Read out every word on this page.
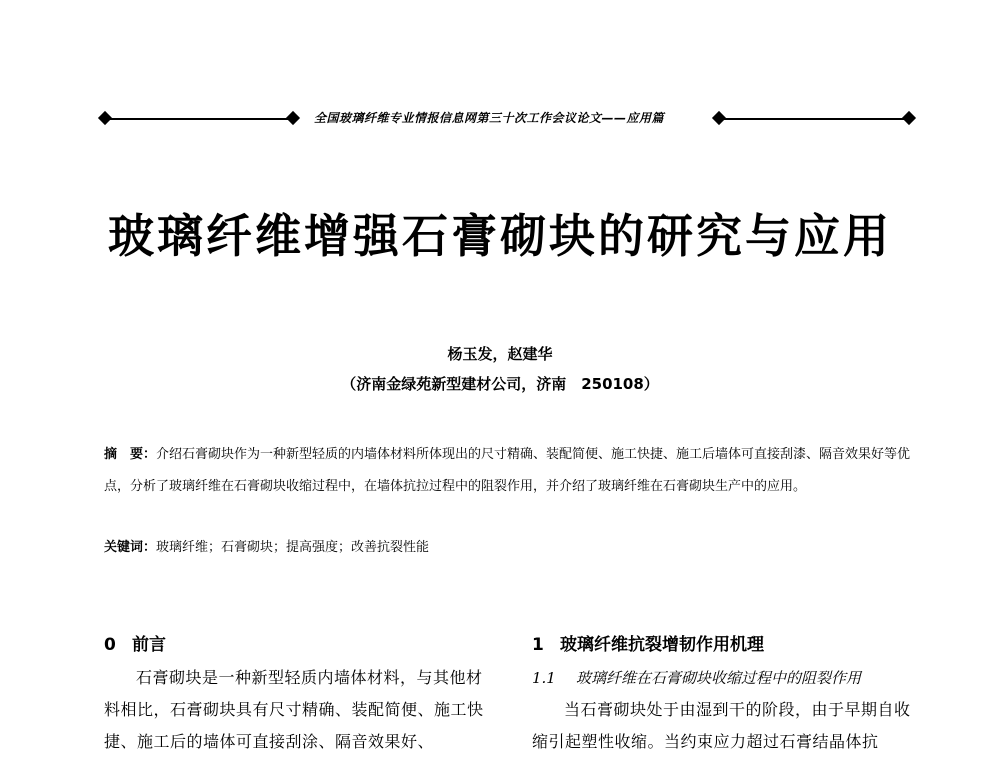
全国玻璃纤维专业情报信息网第三十次工作会议论文——应用篇
玻璃纤维增强石膏砌块的研究与应用
杨玉发，赵建华
（济南金绿苑新型建材公司，济南　250108）
摘　要：介绍石膏砌块作为一种新型轻质的内墙体材料所体现出的尺寸精确、装配简便、施工快捷、施工后墙体可直接刮漆、隔音效果好等优点，分析了玻璃纤维在石膏砌块收缩过程中，在墙体抗拉过程中的阻裂作用，并介绍了玻璃纤维在石膏砌块生产中的应用。
关键词：玻璃纤维；石膏砌块；提高强度；改善抗裂性能
0 前言

石膏砌块是一种新型轻质内墙体材料，与其他材料相比，石膏砌块具有尺寸精确、装配简便、施工快捷、施工后的墙体可直接刮涂、隔音效果好、

1 玻璃纤维抗裂增韧作用机理
1.1 玻璃纤维在石膏砌块收缩过程中的阻裂作用

当石膏砌块处于由湿到干的阶段，由于早期自收缩引起塑性收缩。当约束应力超过石膏结晶体抗
